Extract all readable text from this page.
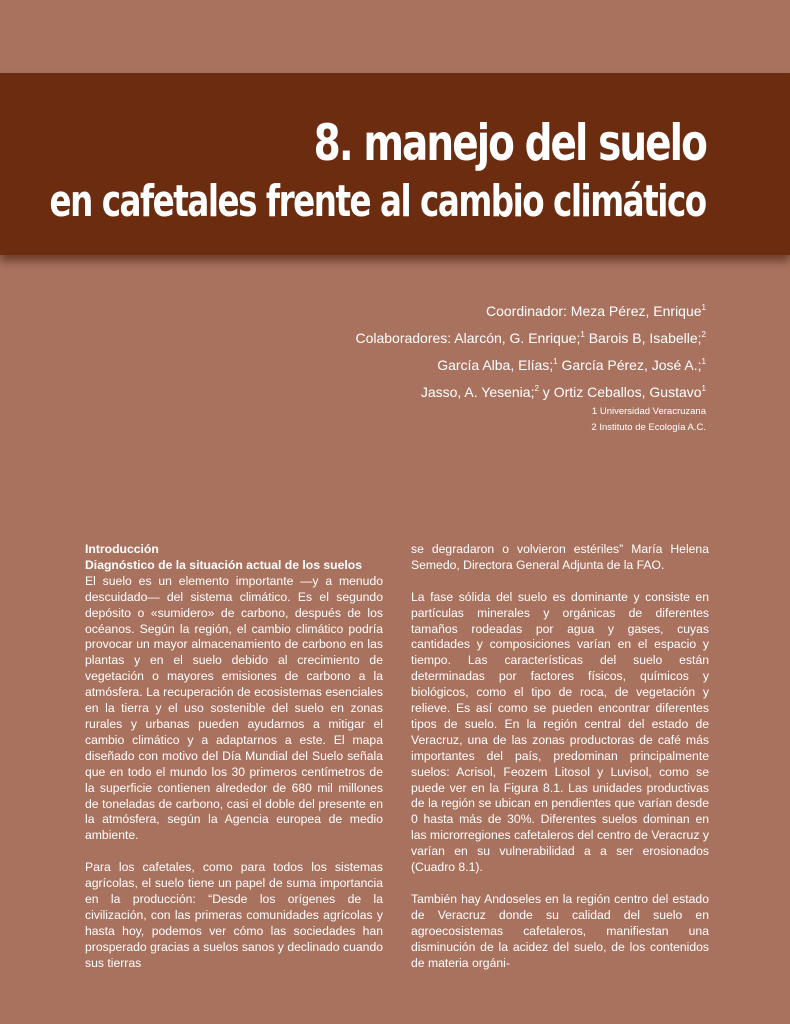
8. manejo del suelo
en cafetales frente al cambio climático
Coordinador: Meza Pérez, Enrique$^1$
Colaboradores: Alarcón, G. Enrique;$^1$ Barois B, Isabelle;$^2$
García Alba, Elías;$^1$ García Pérez, José A.;$^1$
Jasso, A. Yesenia;$^2$ y Ortiz Ceballos, Gustavo$^1$
1 Universidad Veracruzana
2 Instituto de Ecología A.C.
Introducción
Diagnóstico de la situación actual de los suelos

El suelo es un elemento importante —y a menudo descuidado— del sistema climático. Es el segundo depósito o «sumidero» de carbono, después de los océanos. Según la región, el cambio climático podría provocar un mayor almacenamiento de carbono en las plantas y en el suelo debido al crecimiento de vegetación o mayores emisiones de carbono a la atmósfera. La recuperación de ecosistemas esenciales en la tierra y el uso sostenible del suelo en zonas rurales y urbanas pueden ayudarnos a mitigar el cambio climático y a adaptarnos a este. El mapa diseñado con motivo del Día Mundial del Suelo señala que en todo el mundo los 30 primeros centímetros de la superficie contienen alrededor de 680 mil millones de toneladas de carbono, casi el doble del presente en la atmósfera, según la Agencia europea de medio ambiente.

Para los cafetales, como para todos los sistemas agrícolas, el suelo tiene un papel de suma importancia en la producción: “Desde los orígenes de la civilización, con las primeras comunidades agrícolas y hasta hoy, podemos ver cómo las sociedades han prosperado gracias a suelos sanos y declinado cuando sus tierras

se degradaron o volvieron estériles” María Helena Semedo, Directora General Adjunta de la FAO.

La fase sólida del suelo es dominante y consiste en partículas minerales y orgánicas de diferentes tamaños rodeadas por agua y gases, cuyas cantidades y composiciones varían en el espacio y tiempo. Las características del suelo están determinadas por factores físicos, químicos y biológicos, como el tipo de roca, de vegetación y relieve. Es así como se pueden encontrar diferentes tipos de suelo. En la región central del estado de Veracruz, una de las zonas productoras de café más importantes del país, predominan principalmente suelos: Acrisol, Feozem Litosol y Luvisol, como se puede ver en la Figura 8.1. Las unidades productivas de la región se ubican en pendientes que varían desde 0 hasta más de 30%. Diferentes suelos dominan en las microrregiones cafetaleros del centro de Veracruz y varían en su vulnerabilidad a a ser erosionados (Cuadro 8.1).

También hay Andoseles en la región centro del estado de Veracruz donde su calidad del suelo en agroecosistemas cafetaleros, manifiestan una disminución de la acidez del suelo, de los contenidos de materia orgáni-
